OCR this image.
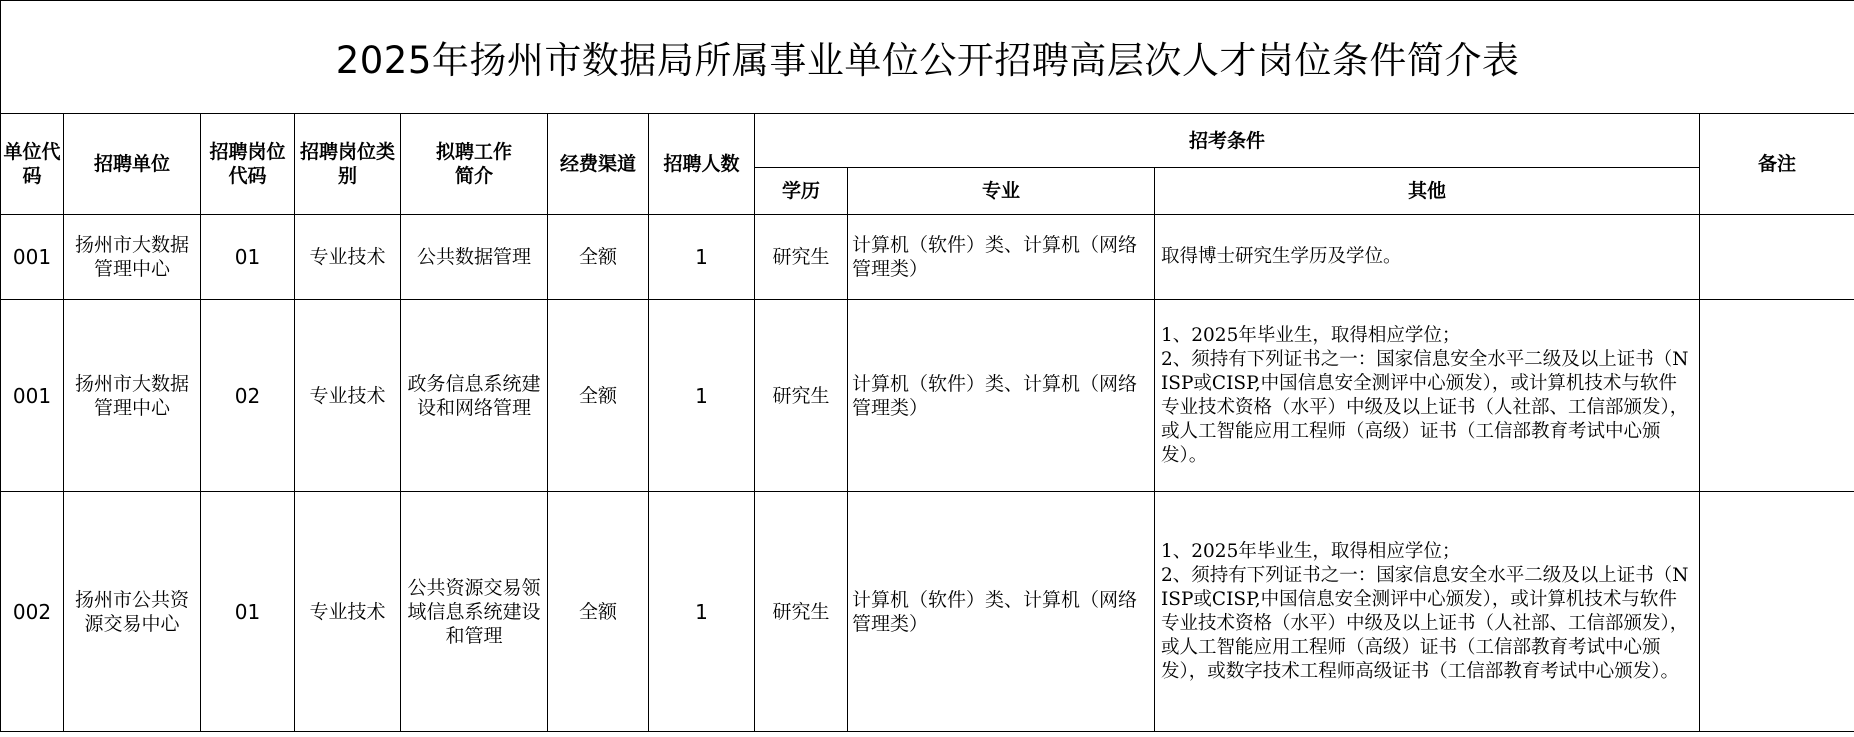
2025年扬州市数据局所属事业单位公开招聘高层次人才岗位条件简介表										
单位代码	招聘单位	招聘岗位代码	招聘岗位类别	拟聘工作简介	经费渠道	招聘人数	招考条件			备注
							学历	专业	其他	
001	扬州市大数据管理中心	01	专业技术	公共数据管理	全额	1	研究生	计算机（软件）类、计算机（网络管理类）	取得博士研究生学历及学位。	

001	扬州市大数据管理中心	02	专业技术	政务信息系统建设和网络管理	全额	1	研究生	计算机（软件）类、计算机（网络管理类）	1、2025年毕业生，取得相应学位；
2、须持有下列证书之一：国家信息安全水平二级及以上证书（NISP或CISP,中国信息安全测评中心颁发），或计算机技术与软件专业技术资格（水平）中级及以上证书（人社部、工信部颁发），或人工智能应用工程师（高级）证书（工信部教育考试中心颁发）。	

002	扬州市公共资源交易中心	01	专业技术	公共资源交易领域信息系统建设和管理	全额	1	研究生	计算机（软件）类、计算机（网络管理类）	1、2025年毕业生，取得相应学位；
2、须持有下列证书之一：国家信息安全水平二级及以上证书（NISP或CISP,中国信息安全测评中心颁发），或计算机技术与软件专业技术资格（水平）中级及以上证书（人社部、工信部颁发），或人工智能应用工程师（高级）证书（工信部教育考试中心颁发），或数字技术工程师高级证书（工信部教育考试中心颁发）。	
